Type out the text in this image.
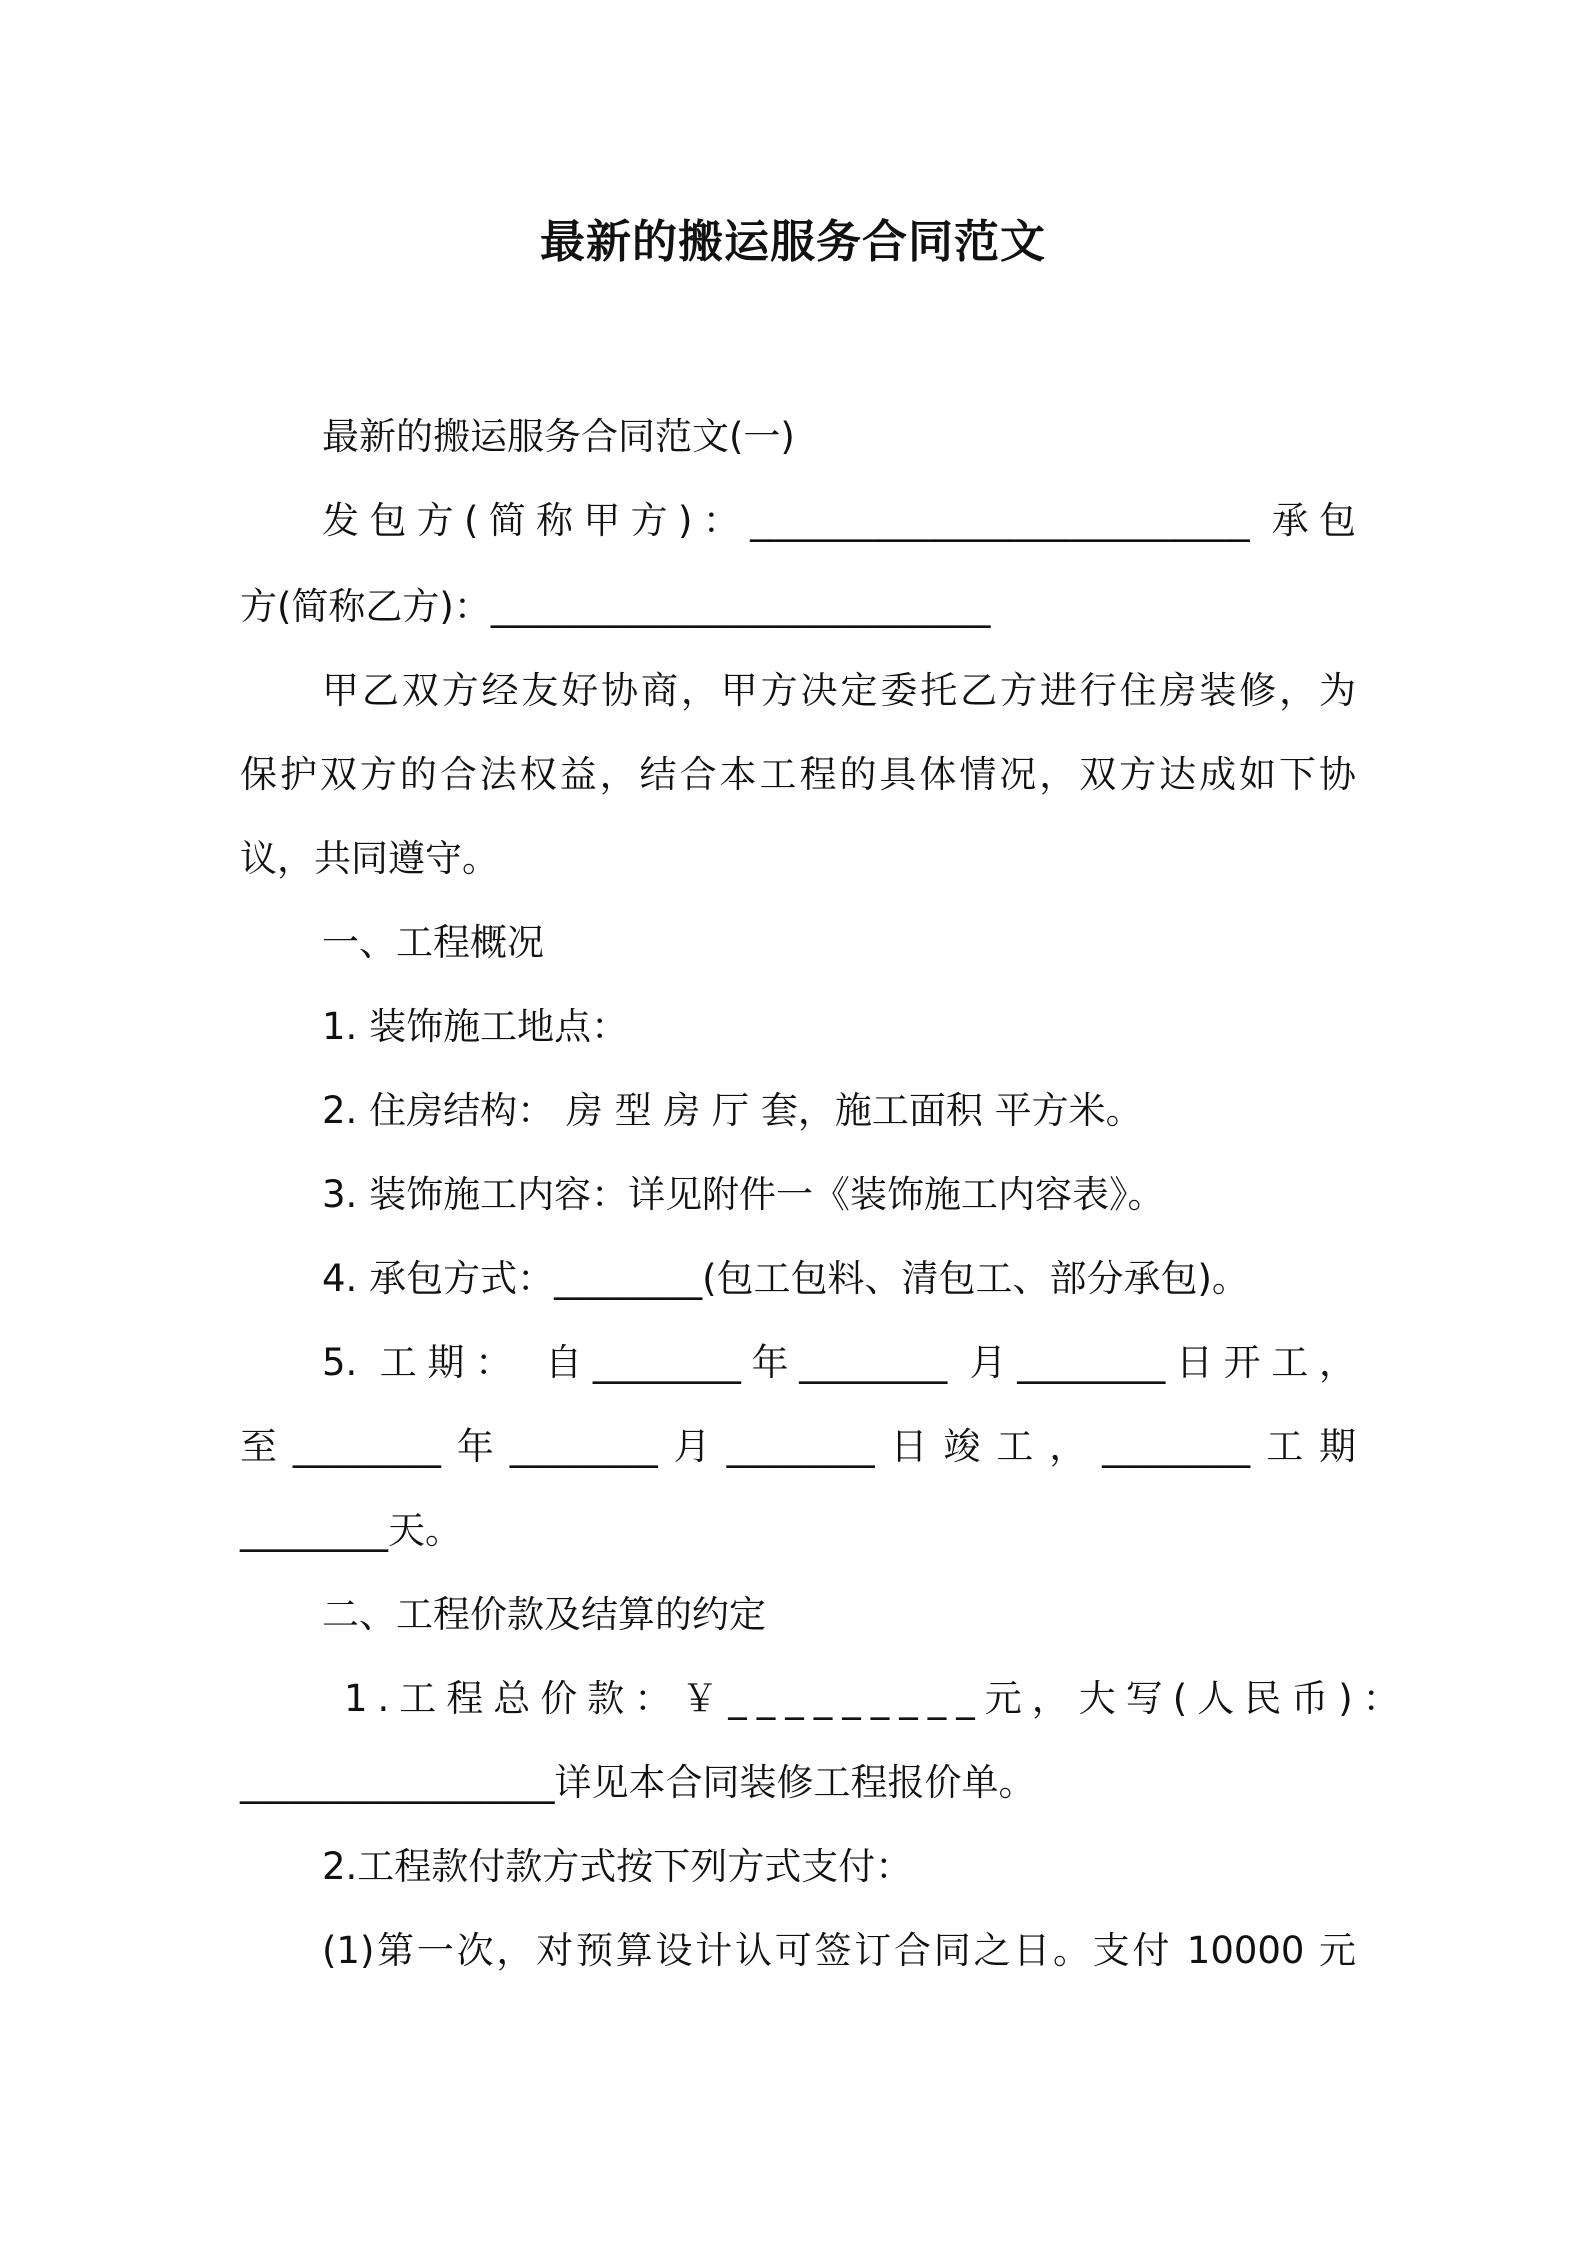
最新的搬运服务合同范文
最新的搬运服务合同范文(一)
发包方(简称甲方)：___________________________ 承包
方(简称乙方)：___________________________
甲乙双方经友好协商，甲方决定委托乙方进行住房装修，为
保护双方的合法权益，结合本工程的具体情况，双方达成如下协
议，共同遵守。
一、工程概况
1. 装饰施工地点：
2. 住房结构： 房 型 房 厅 套，施工面积 平方米。
3. 装饰施工内容：详见附件一《装饰施工内容表》。
4. 承包方式：________(包工包料、清包工、部分承包)。
5. 工期： 自________年________ 月________日开工，
至________年________月________日竣工，________工期
________天。
二、工程价款及结算的约定
1.工程总价款：￥_________元，大写(人民币)：
_________________详见本合同装修工程报价单。
2.工程款付款方式按下列方式支付：
(1)第一次，对预算设计认可签订合同之日。支付 10000 元
